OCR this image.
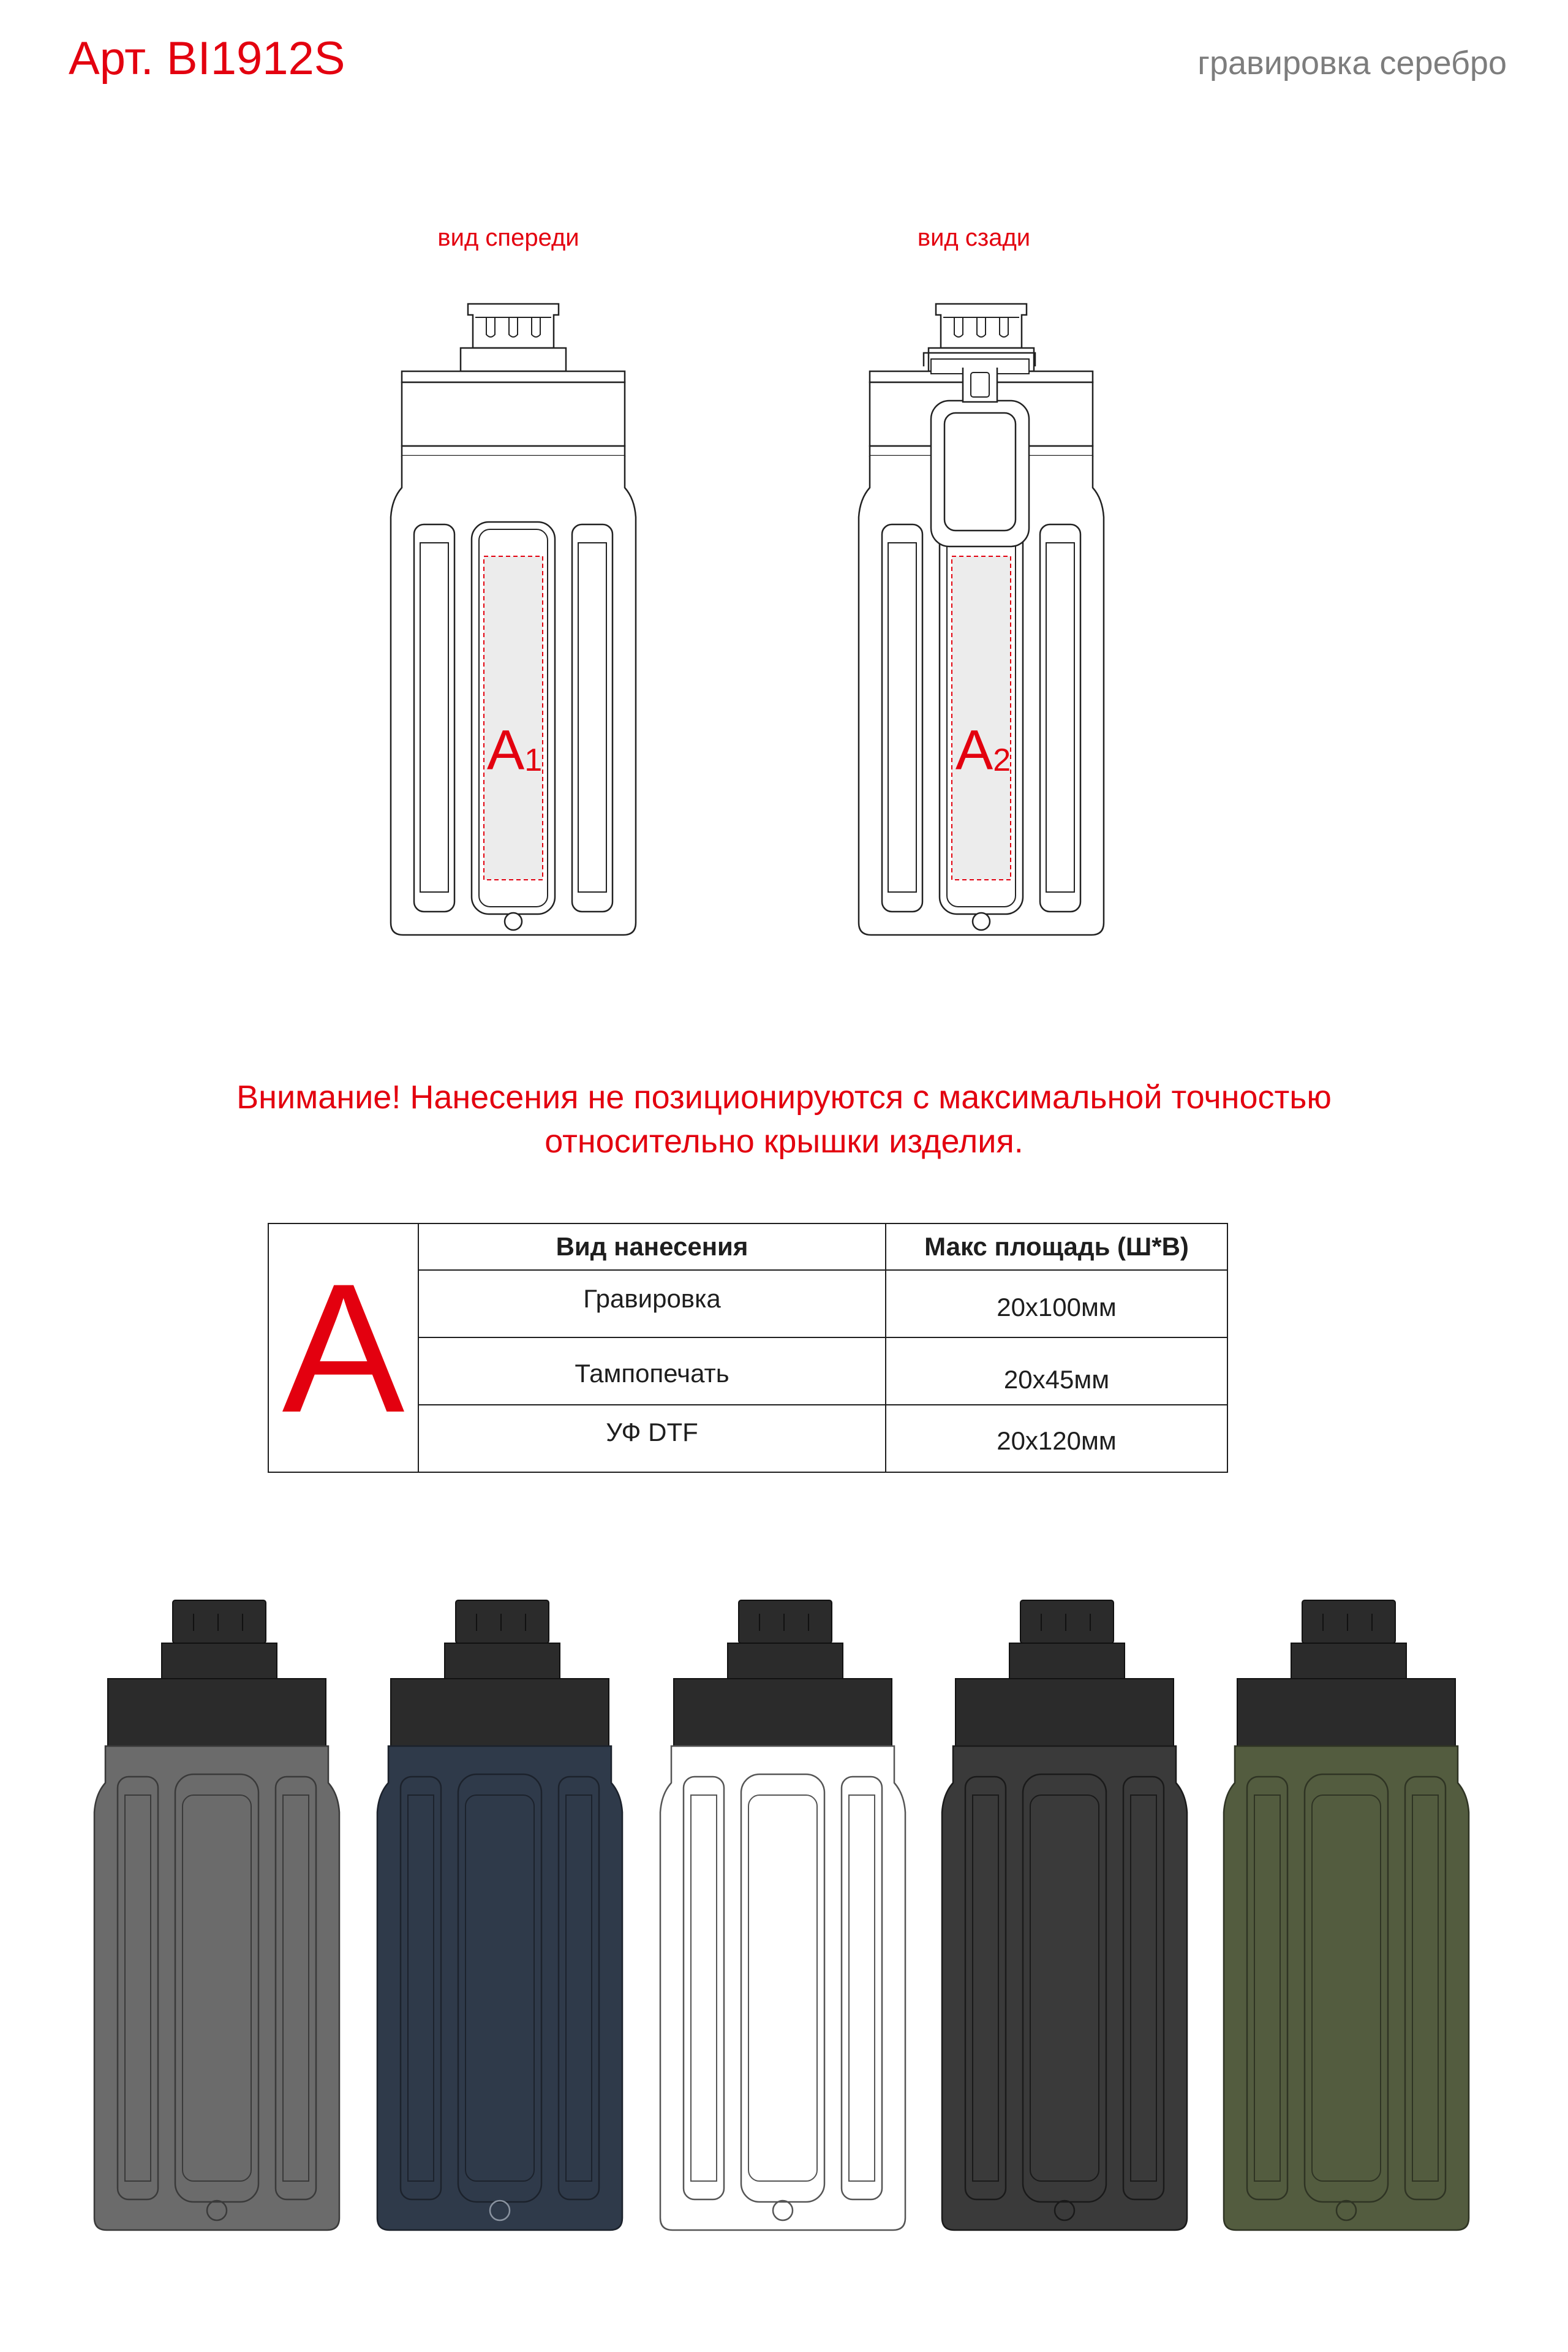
Арт. BI1912S	гравировка серебро
вид спереди	вид сзади
$A_1$	$A_2$
Внимание! Нанесения не позиционируются с максимальной точностью
относительно крышки изделия.
A	Вид нанесения	Макс площадь (Ш*В)
Гравировка	20х100мм
Тампопечать	20х45мм
УФ DTF	20х120мм
